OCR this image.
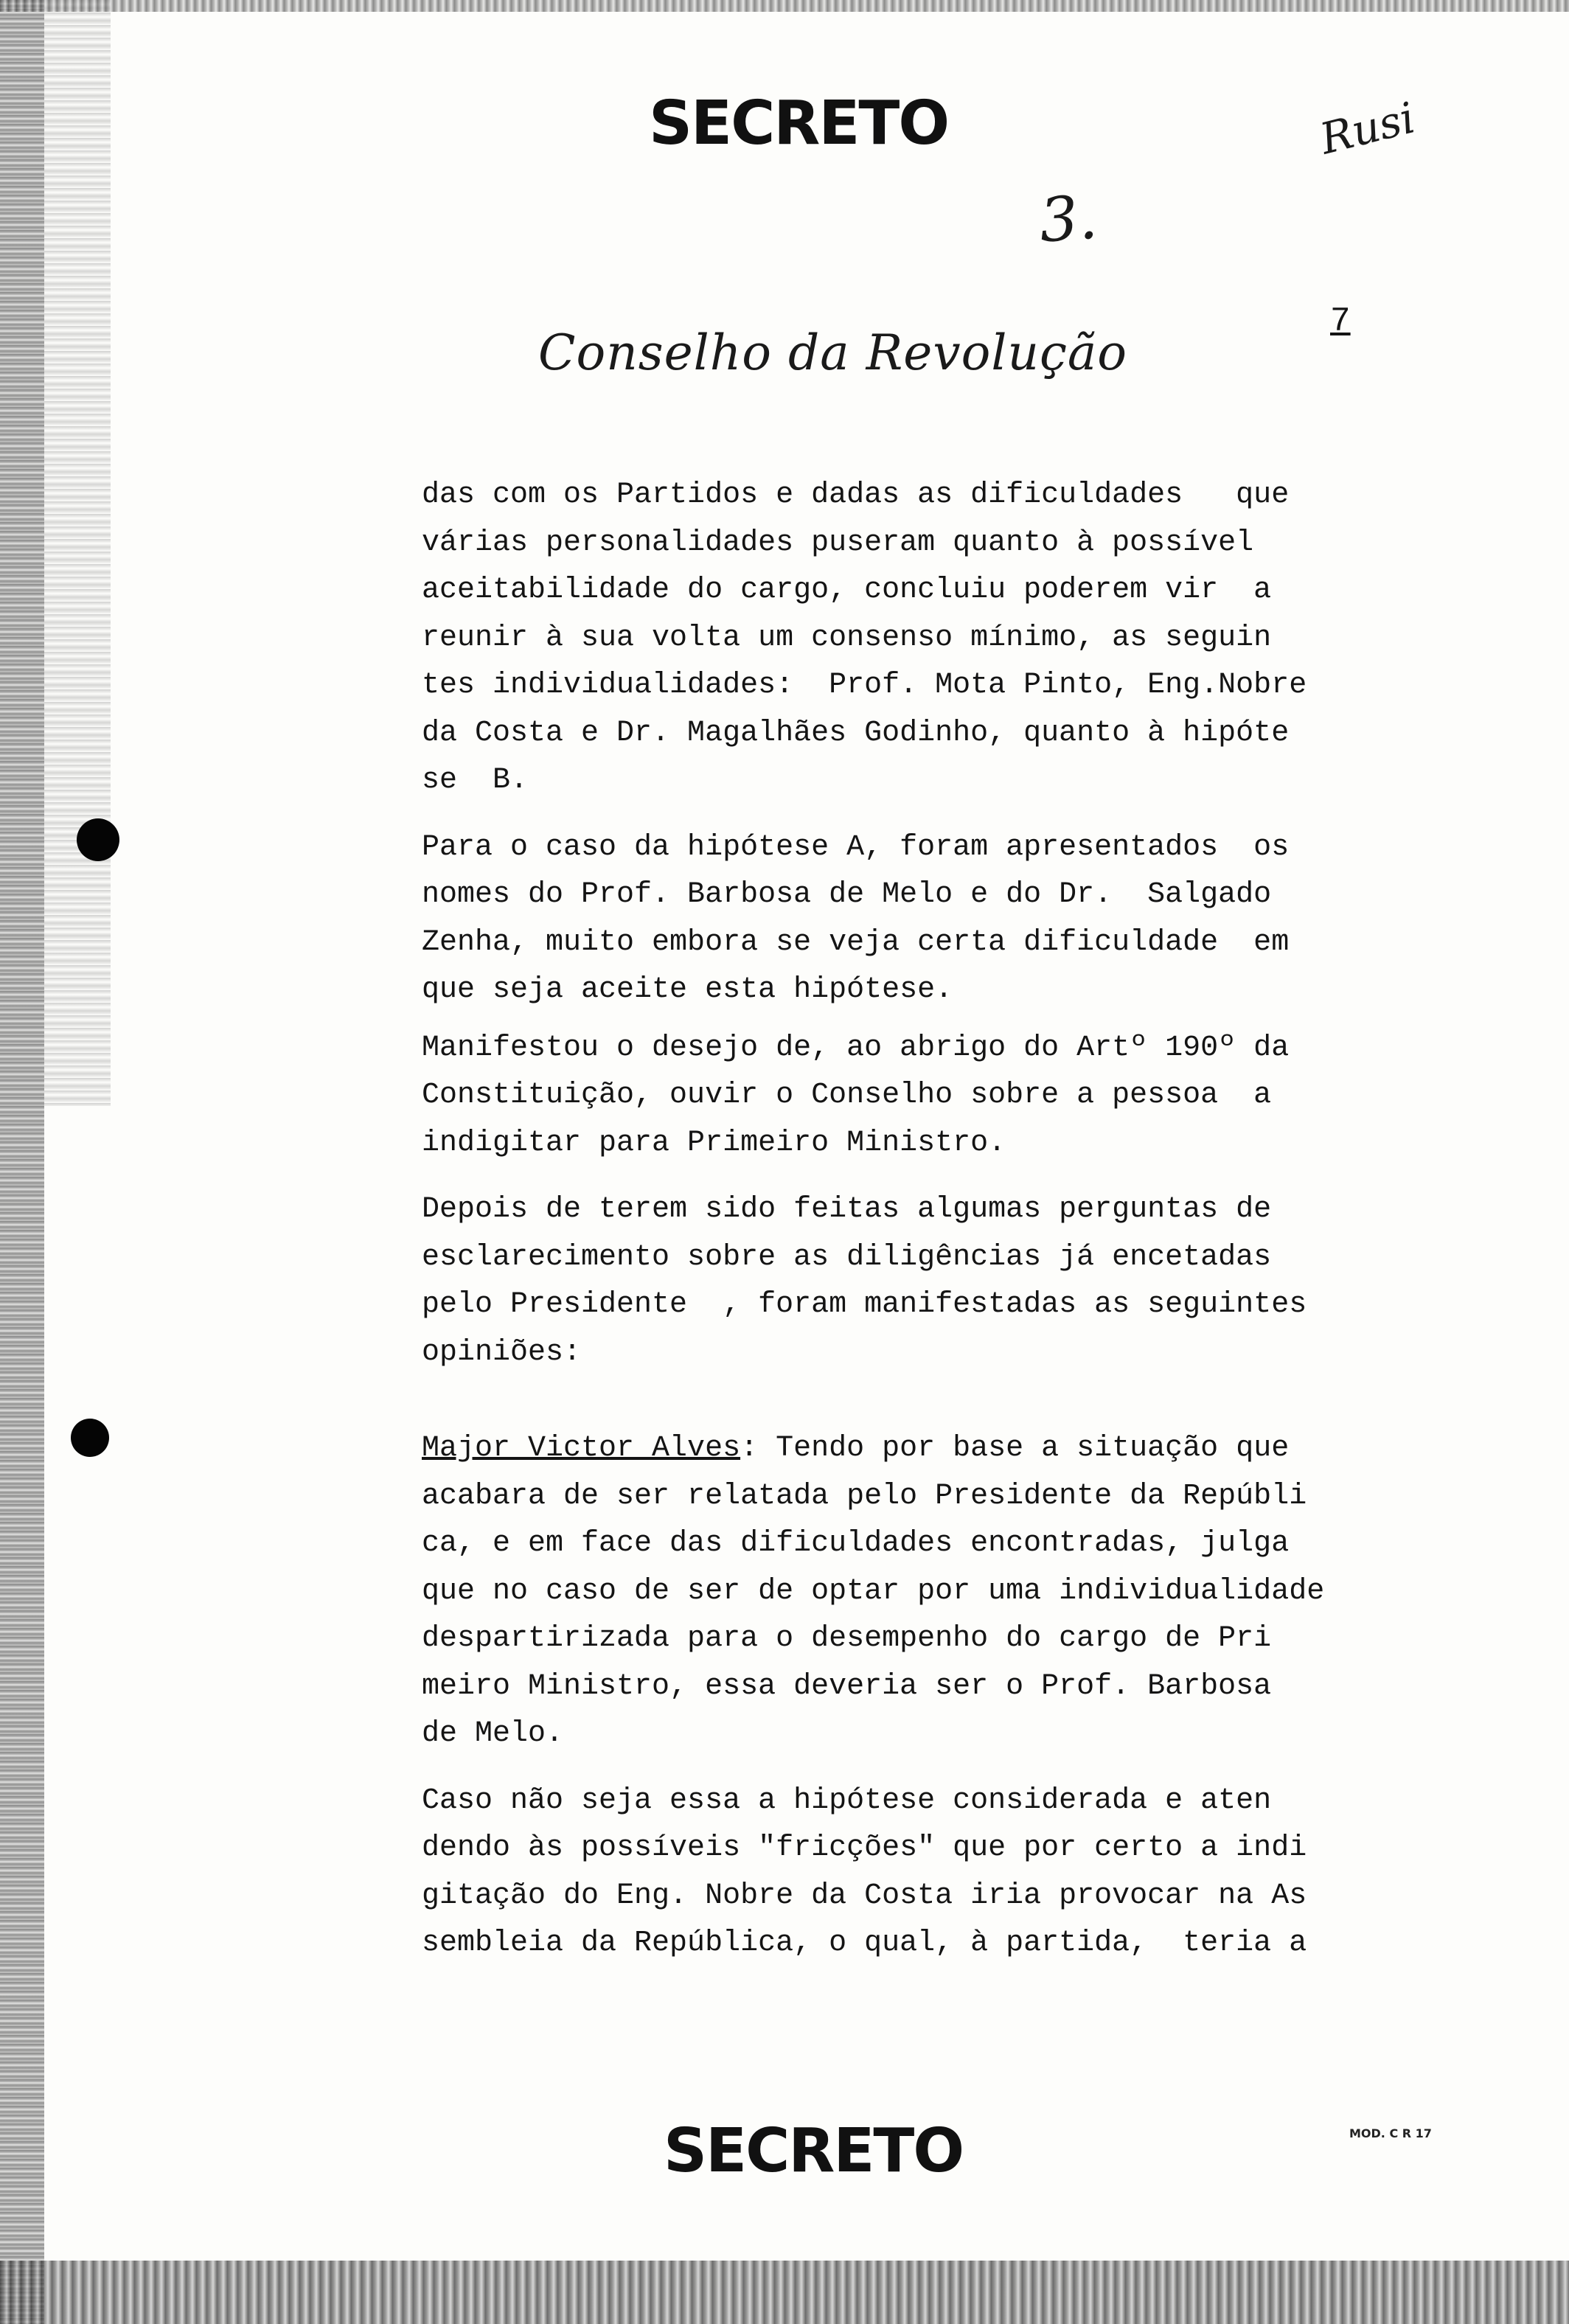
SECRETO	Rusi
3.
7
Conselho da Revolução
das com os Partidos e dadas as dificuldades   que
várias personalidades puseram quanto à possível
aceitabilidade do cargo, concluiu poderem vir  a
reunir à sua volta um consenso mínimo, as seguin
tes individualidades:  Prof. Mota Pinto, Eng.Nobre
da Costa e Dr. Magalhães Godinho, quanto à hipóte
se  B.
Para o caso da hipótese A, foram apresentados  os
nomes do Prof. Barbosa de Melo e do Dr.  Salgado
Zenha, muito embora se veja certa dificuldade  em
que seja aceite esta hipótese.
Manifestou o desejo de, ao abrigo do Artº 190º da
Constituição, ouvir o Conselho sobre a pessoa  a
indigitar para Primeiro Ministro.
Depois de terem sido feitas algumas perguntas de
esclarecimento sobre as diligências já encetadas
pelo Presidente  , foram manifestadas as seguintes
opiniões:
Major Victor Alves: Tendo por base a situação que
acabara de ser relatada pelo Presidente da Repúbli
ca, e em face das dificuldades encontradas, julga
que no caso de ser de optar por uma individualidade
despartirizada para o desempenho do cargo de Pri
meiro Ministro, essa deveria ser o Prof. Barbosa
de Melo.
Caso não seja essa a hipótese considerada e aten
dendo às possíveis "fricções" que por certo a indi
gitação do Eng. Nobre da Costa iria provocar na As
sembleia da República, o qual, à partida,  teria a
SECRETO	MOD. C R 17
